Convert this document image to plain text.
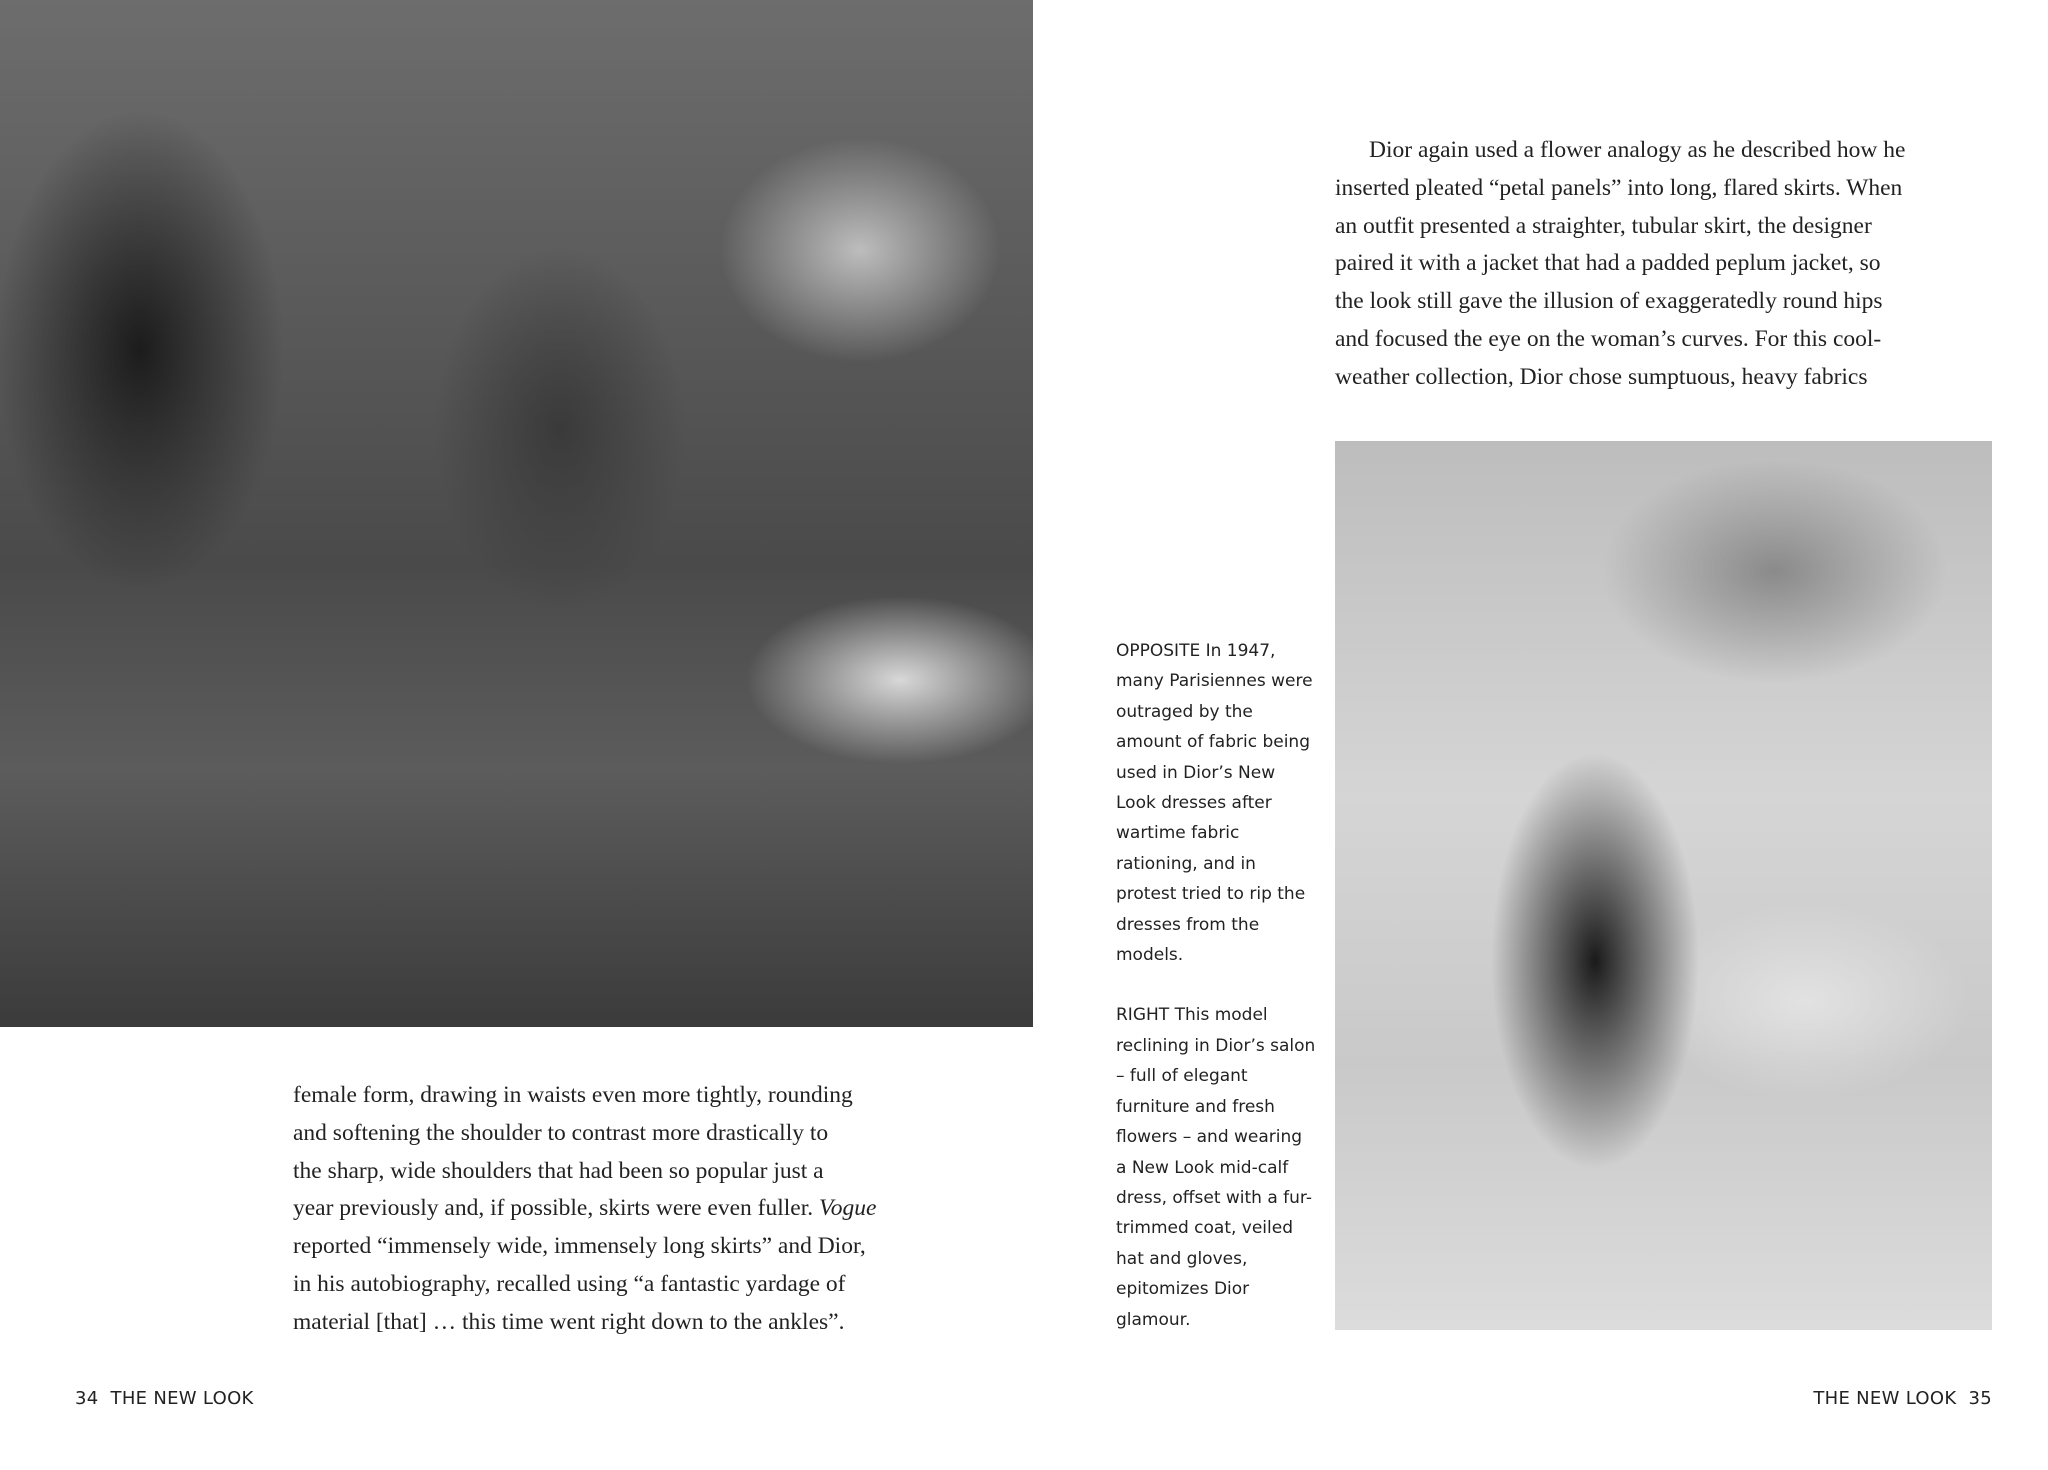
female form, drawing in waists even more tightly, rounding
and softening the shoulder to contrast more drastically to
the sharp, wide shoulders that had been so popular just a
year previously and, if possible, skirts were even fuller. Vogue
reported “immensely wide, immensely long skirts” and Dior,
in his autobiography, recalled using “a fantastic yardage of
material [that] … this time went right down to the ankles”.
34  THE NEW LOOK

OPPOSITE In 1947, many Parisiennes were outraged by the amount of fabric being used in Dior’s New Look dresses after wartime fabric rationing, and in protest tried to rip the dresses from the models.

RIGHT This model reclining in Dior’s salon – full of elegant furniture and fresh flowers – and wearing a New Look mid-calf dress, offset with a fur-trimmed coat, veiled hat and gloves, epitomizes Dior glamour.

Dior again used a flower analogy as he described how he
inserted pleated “petal panels” into long, flared skirts. When
an outfit presented a straighter, tubular skirt, the designer
paired it with a jacket that had a padded peplum jacket, so
the look still gave the illusion of exaggeratedly round hips
and focused the eye on the woman’s curves. For this cool-
weather collection, Dior chose sumptuous, heavy fabrics
THE NEW LOOK  35
